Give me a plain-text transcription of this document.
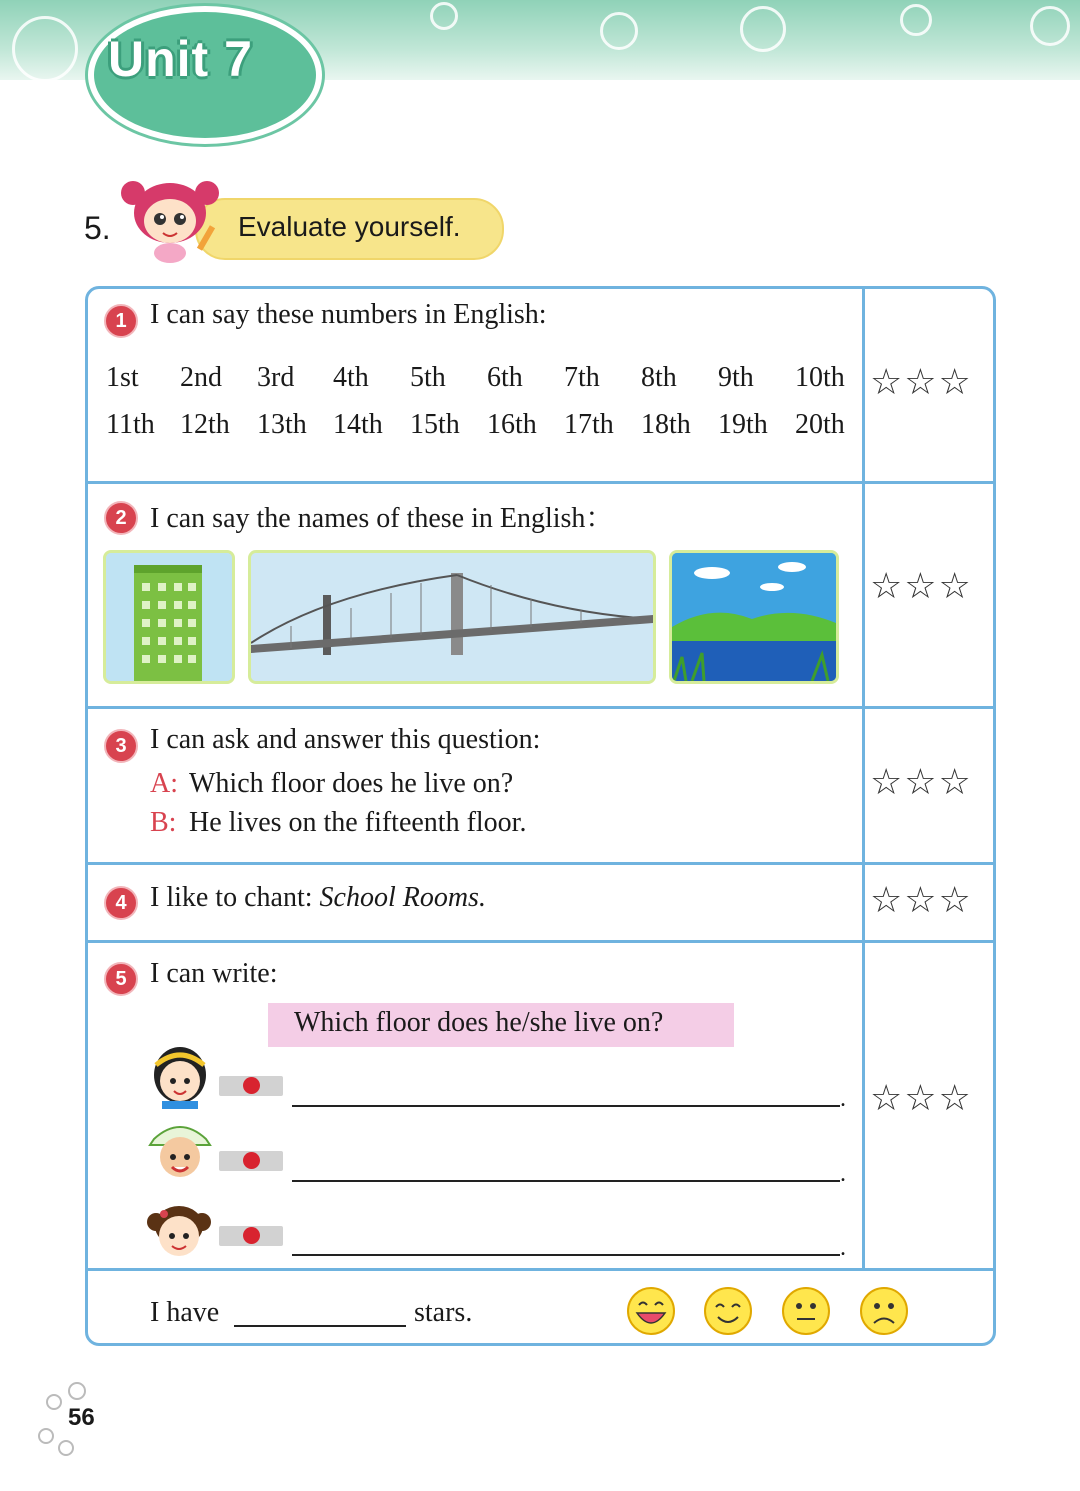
Unit 7
5.	Evaluate yourself.
1 I can say these numbers in English:
1st 2nd 3rd 4th 5th 6th 7th 8th 9th 10th
11th 12th 13th 14th 15th 16th 17th 18th 19th 20th
☆☆☆
2 I can say the names of these in English：
☆☆☆
3 I can ask and answer this question:
A: Which floor does he live on?
B: He lives on the fifteenth floor.
☆☆☆
4 I like to chant: School Rooms.	☆☆☆
5 I can write:
Which floor does he/she live on?
.
.
.
☆☆☆
I have	stars.
56
